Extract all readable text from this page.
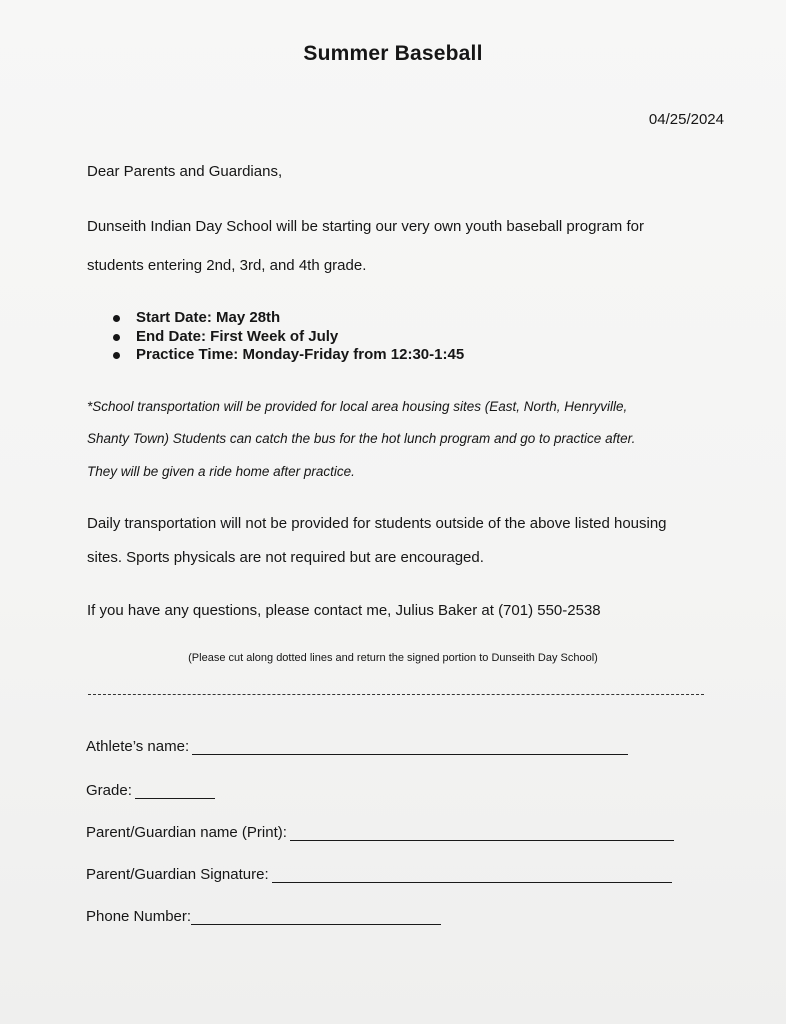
Summer Baseball
04/25/2024
Dear Parents and Guardians,
Dunseith Indian Day School will be starting our very own youth baseball program for
students entering 2nd, 3rd, and 4th grade.
Start Date: May 28th
End Date: First Week of July
Practice Time: Monday-Friday from 12:30-1:45
*School transportation will be provided for local area housing sites (East, North, Henryville,
Shanty Town) Students can catch the bus for the hot lunch program and go to practice after.
They will be given a ride home after practice.
Daily transportation will not be provided for students outside of the above listed housing
sites. Sports physicals are not required but are encouraged.
If you have any questions, please contact me, Julius Baker at (701) 550-2538
(Please cut along dotted lines and return the signed portion to Dunseith Day School)
Athlete’s name:
Grade:
Parent/Guardian name (Print):
Parent/Guardian Signature:
Phone Number:
